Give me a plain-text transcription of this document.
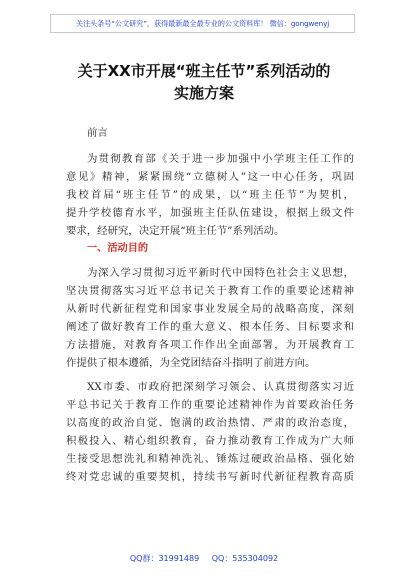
关注头条号“公文研究”，获得最新最全最专业的公文资料库！ 微信：gongwenyj
关于XX市开展“班主任节”系列活动的
实施方案
前言
为贯彻教育部《关于进一步加强中小学班主任工作的
意见》精神，紧紧围绕“立德树人”这一中心任务，巩固
我校首届“班主任节”的成果，以“班主任节”为契机，
提升学校德育水平，加强班主任队伍建设，根据上级文件
要求，经研究，决定开展“班主任节”系列活动。
一、活动目的
为深入学习贯彻习近平新时代中国特色社会主义思想，
坚决贯彻落实习近平总书记关于教育工作的重要论述精神
从新时代新征程党和国家事业发展全局的战略高度，深刻
阐述了做好教育工作的重大意义、根本任务、目标要求和
方法措施，对教育各项工作作出全面部署，为开展教育工
作提供了根本遵循，为全党团结奋斗指明了前进方向。
XX市委、市政府把深刻学习领会、认真贯彻落实习近
平总书记关于教育工作的重要论述精神作为首要政治任务
以高度的政治自觉、饱满的政治热情、严肃的政治态度，
积极投入、精心组织教育，奋力推动教育工作成为广大师
生接受思想洗礼和精神洗礼、锤炼过硬政治品格、强化始
终对党忠诚的重要契机，持续书写新时代新征程教育高质
QQ群：31991489 QQ：535304092
